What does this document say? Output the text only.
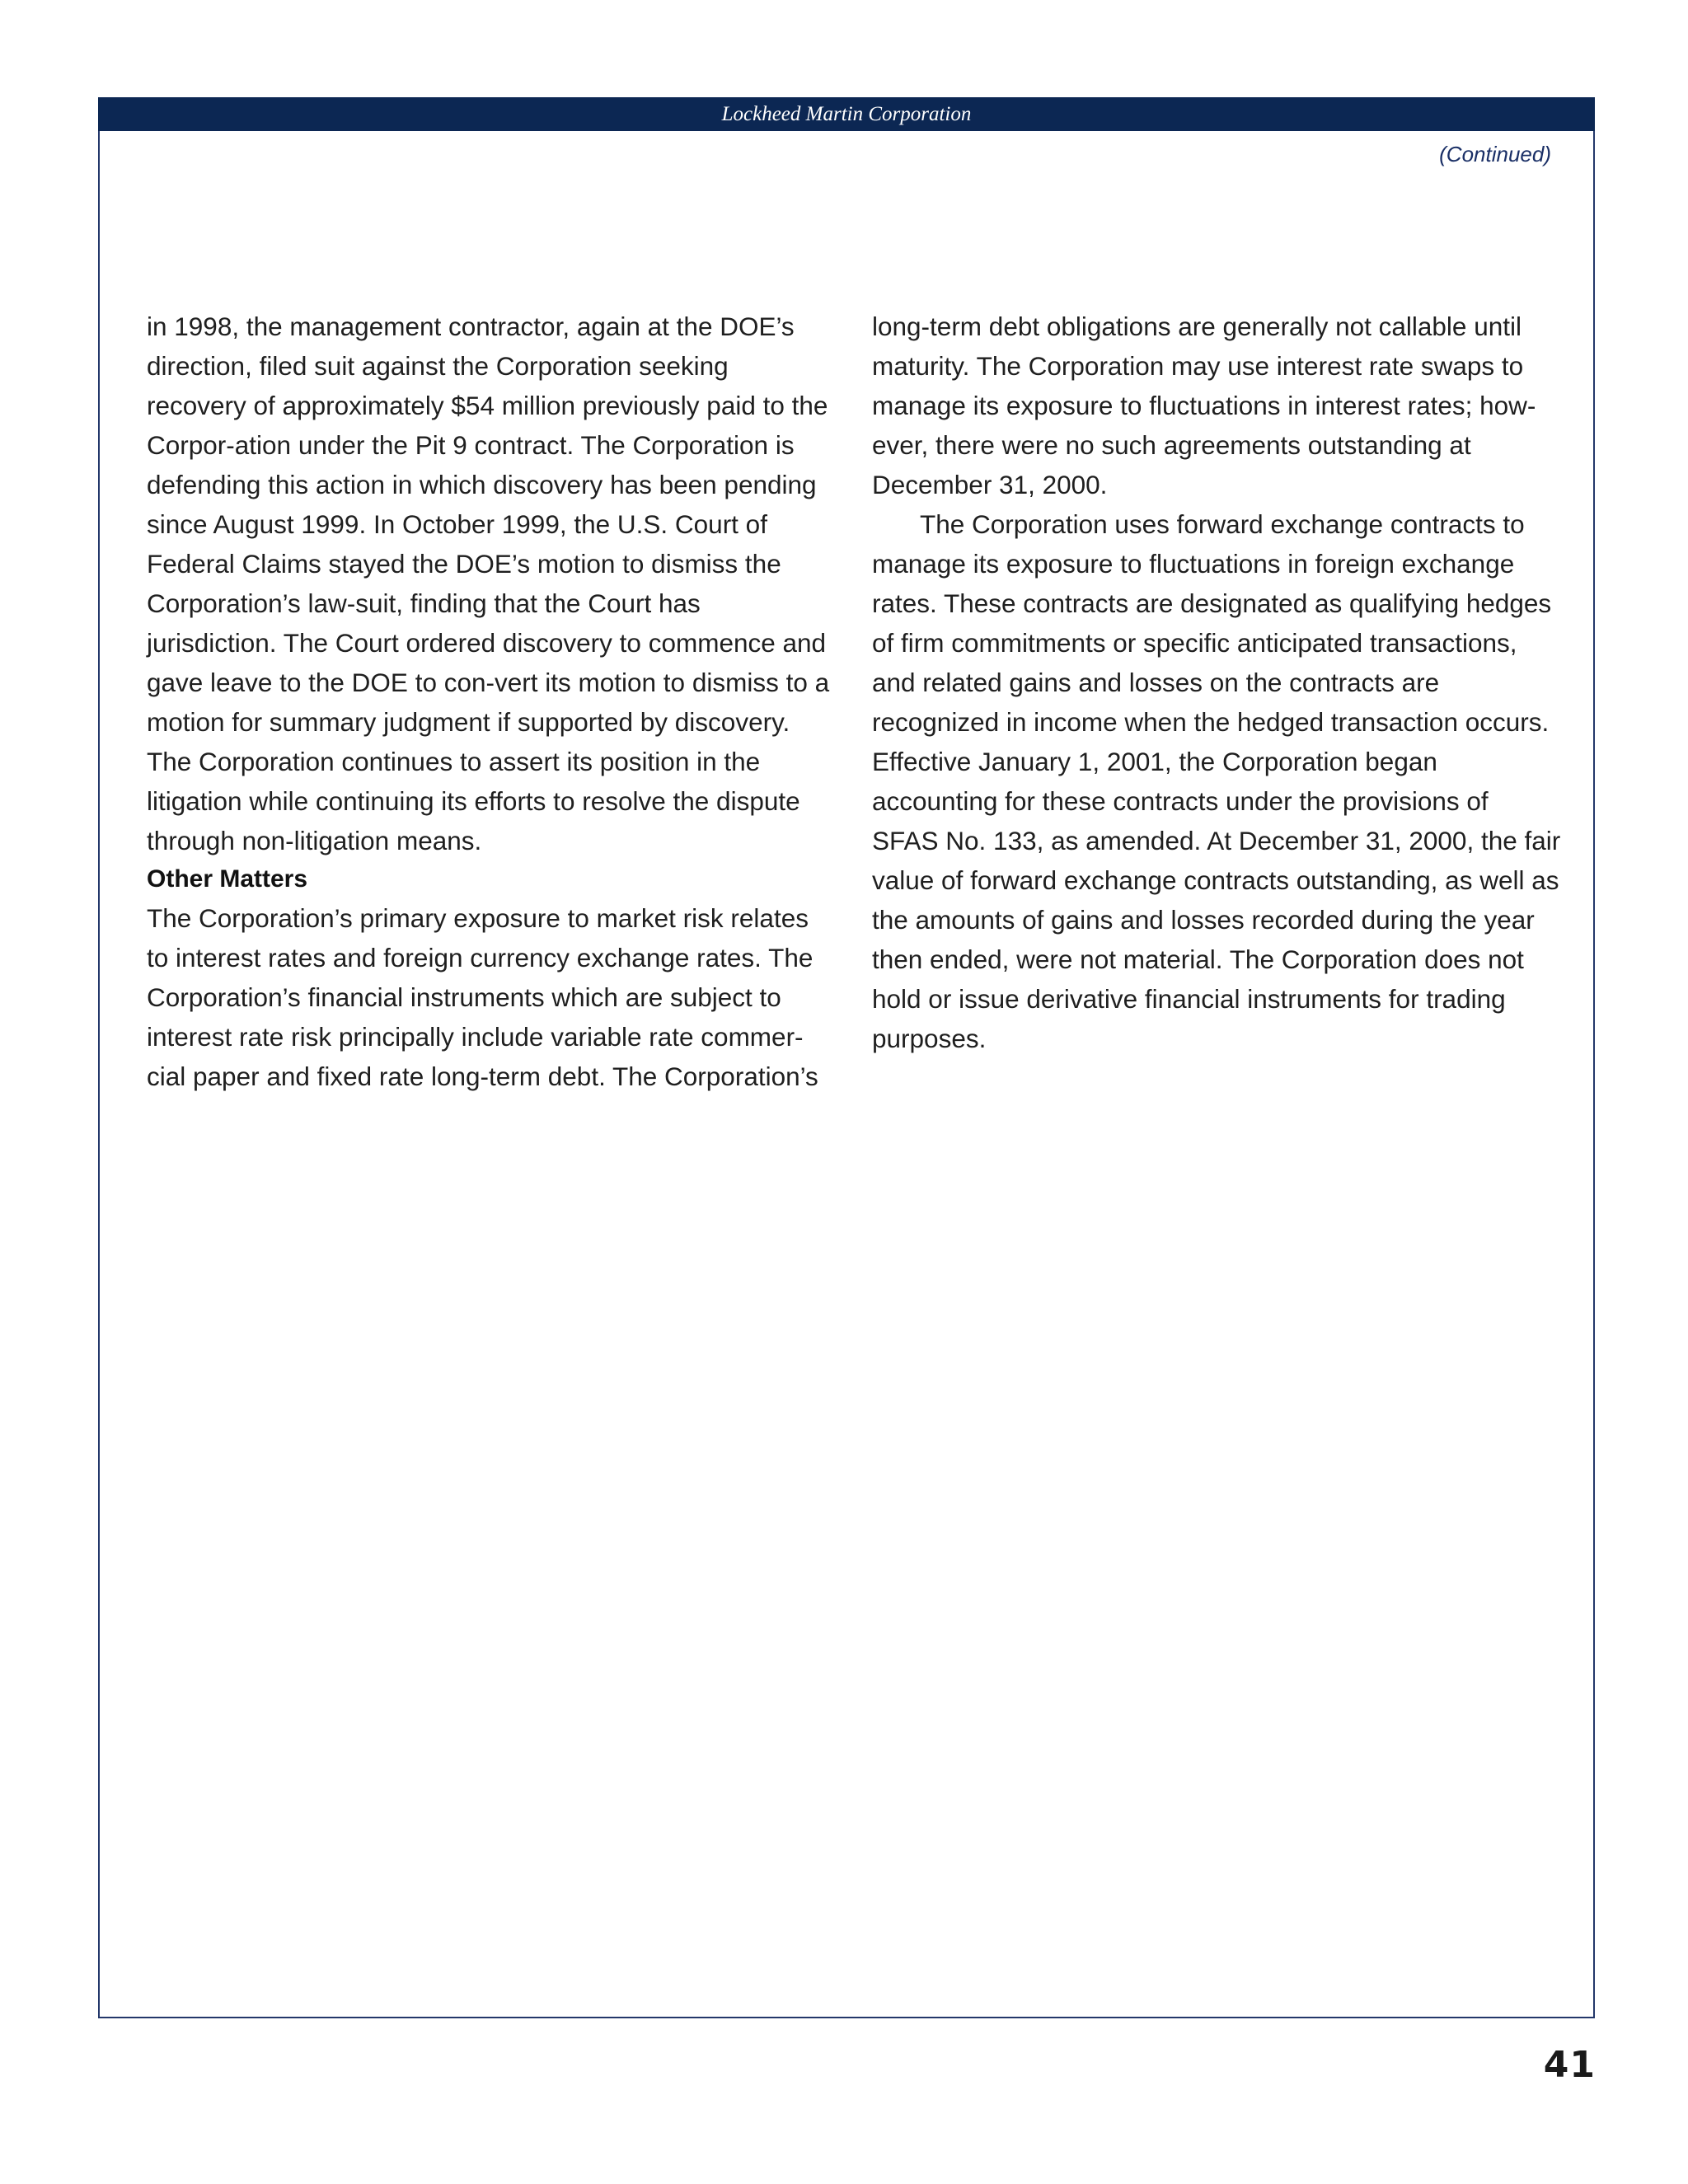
Lockheed Martin Corporation
(Continued)

in 1998, the management contractor, again at the DOE’s direction, filed suit against the Corporation seeking recovery of approximately $54 million previously paid to the Corpor-ation under the Pit 9 contract. The Corporation is defending this action in which discovery has been pending since August 1999. In October 1999, the U.S. Court of Federal Claims stayed the DOE’s motion to dismiss the Corporation’s law-suit, finding that the Court has jurisdiction. The Court ordered discovery to commence and gave leave to the DOE to con-vert its motion to dismiss to a motion for summary judgment if supported by discovery. The Corporation continues to assert its position in the litigation while continuing its efforts to resolve the dispute through non-litigation means.

Other Matters

The Corporation’s primary exposure to market risk relates to interest rates and foreign currency exchange rates. The Corporation’s financial instruments which are subject to interest rate risk principally include variable rate commer-cial paper and fixed rate long-term debt. The Corporation’s

long-term debt obligations are generally not callable until maturity. The Corporation may use interest rate swaps to manage its exposure to fluctuations in interest rates; how-ever, there were no such agreements outstanding at December 31, 2000.

The Corporation uses forward exchange contracts to manage its exposure to fluctuations in foreign exchange rates. These contracts are designated as qualifying hedges of firm commitments or specific anticipated transactions, and related gains and losses on the contracts are recognized in income when the hedged transaction occurs. Effective January 1, 2001, the Corporation began accounting for these contracts under the provisions of SFAS No. 133, as amended. At December 31, 2000, the fair value of forward exchange contracts outstanding, as well as the amounts of gains and losses recorded during the year then ended, were not material. The Corporation does not hold or issue derivative financial instruments for trading purposes.

41
